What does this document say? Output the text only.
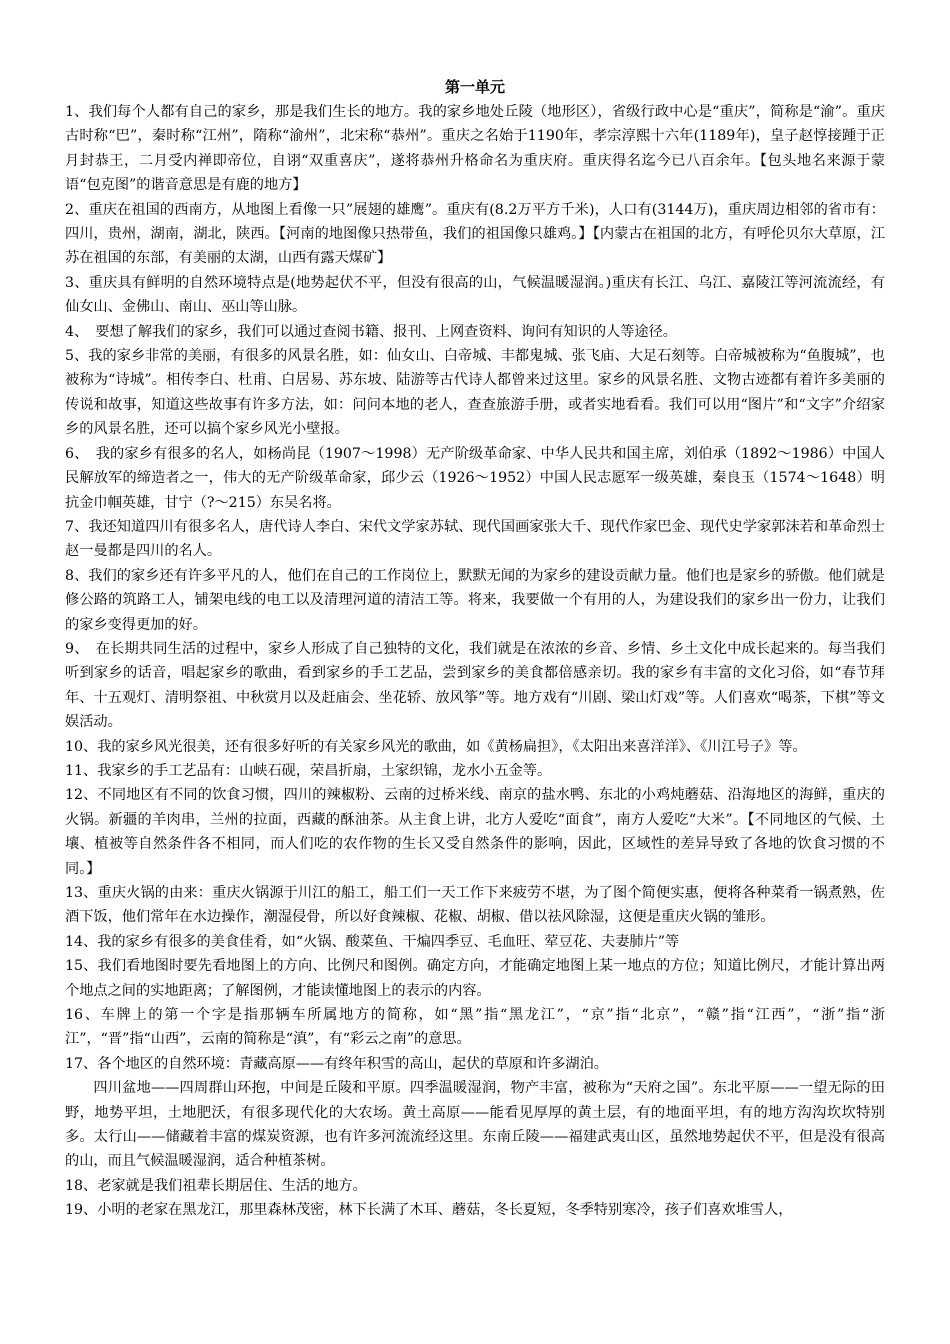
第一单元

1、我们每个人都有自己的家乡，那是我们生长的地方。我的家乡地处丘陵（地形区），省级行政中心是“重庆”，简称是“渝”。重庆古时称“巴”，秦时称“江州”，隋称“渝州”，北宋称“恭州”。重庆之名始于1190年，孝宗淳熙十六年(1189年)，皇子赵惇接踵于正月封恭王，二月受内禅即帝位，自诩“双重喜庆”，遂将恭州升格命名为重庆府。重庆得名迄今已八百余年。【包头地名来源于蒙语“包克图”的谐音意思是有鹿的地方】

2、重庆在祖国的西南方，从地图上看像一只”展翅的雄鹰”。重庆有(8.2万平方千米)，人口有(3144万)，重庆周边相邻的省市有：四川，贵州，湖南，湖北，陕西。【河南的地图像只热带鱼，我们的祖国像只雄鸡。】【内蒙古在祖国的北方，有呼伦贝尔大草原，江苏在祖国的东部，有美丽的太湖，山西有露天煤矿】

3、重庆具有鲜明的自然环境特点是(地势起伏不平，但没有很高的山，气候温暖湿润。)重庆有长江、乌江、嘉陵江等河流流经，有仙女山、金佛山、南山、巫山等山脉。

4、　要想了解我们的家乡，我们可以通过查阅书籍、报刊、上网查资料、询问有知识的人等途径。

5、我的家乡非常的美丽，有很多的风景名胜，如：仙女山、白帝城、丰都鬼城、张飞庙、大足石刻等。白帝城被称为“鱼腹城”，也被称为“诗城”。相传李白、杜甫、白居易、苏东坡、陆游等古代诗人都曾来过这里。家乡的风景名胜、文物古迹都有着许多美丽的传说和故事，知道这些故事有许多方法，如：问问本地的老人，查查旅游手册，或者实地看看。我们可以用“图片”和“文字”介绍家乡的风景名胜，还可以搞个家乡风光小壁报。

6、　我的家乡有很多的名人，如杨尚昆（1907～1998）无产阶级革命家、中华人民共和国主席，刘伯承（1892～1986）中国人民解放军的缔造者之一，伟大的无产阶级革命家，邱少云（1926～1952）中国人民志愿军一级英雄，秦良玉（1574～1648）明抗金巾帼英雄，甘宁（?～215）东吴名将。

7、我还知道四川有很多名人，唐代诗人李白、宋代文学家苏轼、现代国画家张大千、现代作家巴金、现代史学家郭沫若和革命烈士赵一曼都是四川的名人。

8、我们的家乡还有许多平凡的人，他们在自己的工作岗位上，默默无闻的为家乡的建设贡献力量。他们也是家乡的骄傲。他们就是修公路的筑路工人，铺架电线的电工以及清理河道的清洁工等。将来，我要做一个有用的人，为建设我们的家乡出一份力，让我们的家乡变得更加的好。

9、　在长期共同生活的过程中，家乡人形成了自己独特的文化，我们就是在浓浓的乡音、乡情、乡土文化中成长起来的。每当我们听到家乡的话音，唱起家乡的歌曲，看到家乡的手工艺品，尝到家乡的美食都倍感亲切。我的家乡有丰富的文化习俗，如“春节拜年、十五观灯、清明祭祖、中秋赏月以及赶庙会、坐花轿、放风筝”等。地方戏有“川剧、梁山灯戏”等。人们喜欢“喝茶，下棋”等文娱活动。

10、我的家乡风光很美，还有很多好听的有关家乡风光的歌曲，如《黄杨扁担》，《太阳出来喜洋洋》、《川江号子》等。

11、我家乡的手工艺品有：山峡石砚，荣昌折扇，土家织锦，龙水小五金等。

12、不同地区有不同的饮食习惯，四川的辣椒粉、云南的过桥米线、南京的盐水鸭、东北的小鸡炖蘑菇、沿海地区的海鲜，重庆的火锅。新疆的羊肉串，兰州的拉面，西藏的酥油茶。从主食上讲，北方人爱吃“面食”，南方人爱吃“大米”。【不同地区的气候、土壤、植被等自然条件各不相同，而人们吃的农作物的生长又受自然条件的影响，因此，区域性的差异导致了各地的饮食习惯的不同。】

13、重庆火锅的由来：重庆火锅源于川江的船工，船工们一天工作下来疲劳不堪，为了图个简便实惠，便将各种菜肴一锅煮熟，佐酒下饭，他们常年在水边操作，潮湿侵骨，所以好食辣椒、花椒、胡椒、借以祛风除湿，这便是重庆火锅的雏形。

14、我的家乡有很多的美食佳肴，如“火锅、酸菜鱼、干煸四季豆、毛血旺、荤豆花、夫妻肺片”等

15、我们看地图时要先看地图上的方向、比例尺和图例。确定方向，才能确定地图上某一地点的方位；知道比例尺，才能计算出两个地点之间的实地距离；了解图例，才能读懂地图上的表示的内容。

16、车牌上的第一个字是指那辆车所属地方的简称，如“黑”指“黑龙江”，“京”指“北京”，“赣”指“江西”，“浙”指“浙江”，“晋”指“山西”，云南的简称是“滇”，有“彩云之南”的意思。

17、各个地区的自然环境：青藏高原——有终年积雪的高山，起伏的草原和许多湖泊。

四川盆地——四周群山环抱，中间是丘陵和平原。四季温暖湿润，物产丰富，被称为“天府之国”。东北平原——一望无际的田野，地势平坦，土地肥沃，有很多现代化的大农场。黄土高原——能看见厚厚的黄土层，有的地面平坦，有的地方沟沟坎坎特别多。太行山——储藏着丰富的煤炭资源，也有许多河流流经这里。东南丘陵——福建武夷山区，虽然地势起伏不平，但是没有很高的山，而且气候温暖湿润，适合种植茶树。

18、老家就是我们祖辈长期居住、生活的地方。

19、小明的老家在黑龙江，那里森林茂密，林下长满了木耳、蘑菇，冬长夏短，冬季特别寒冷，孩子们喜欢堆雪人，
